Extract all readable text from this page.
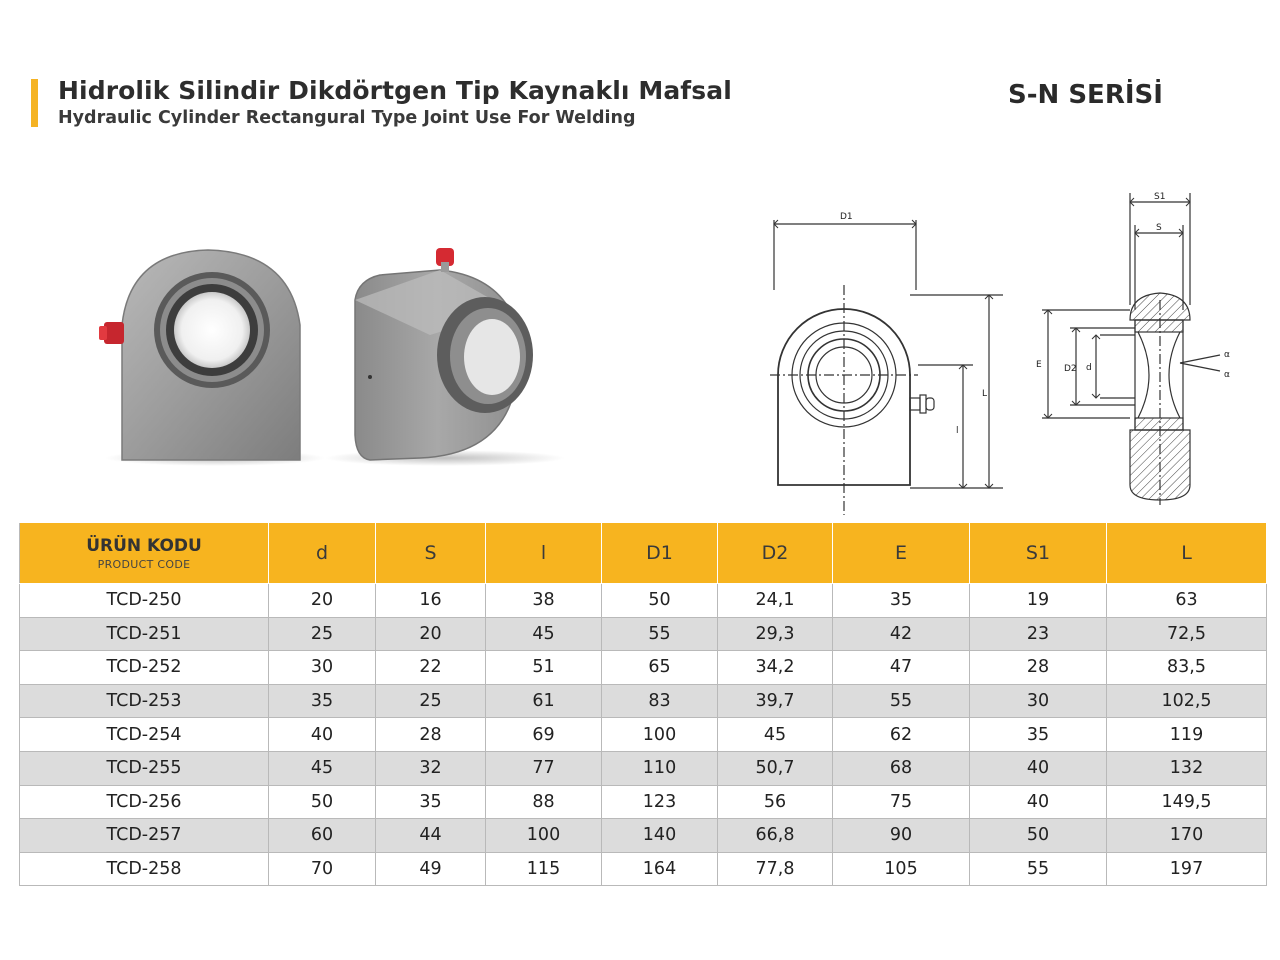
Hidrolik Silindir Dikdörtgen Tip Kaynaklı Mafsal
Hydraulic Cylinder Rectangural Type Joint Use For Welding
S-N SERİSİ
D1
L
l
S1
S
E D2 d
α
α
ÜRÜN KODU
PRODUCT CODE	d	S	l	D1	D2	E	S1	L
TCD-250	20	16	38	50	24,1	35	19	63
TCD-251	25	20	45	55	29,3	42	23	72,5
TCD-252	30	22	51	65	34,2	47	28	83,5
TCD-253	35	25	61	83	39,7	55	30	102,5
TCD-254	40	28	69	100	45	62	35	119
TCD-255	45	32	77	110	50,7	68	40	132
TCD-256	50	35	88	123	56	75	40	149,5
TCD-257	60	44	100	140	66,8	90	50	170
TCD-258	70	49	115	164	77,8	105	55	197
